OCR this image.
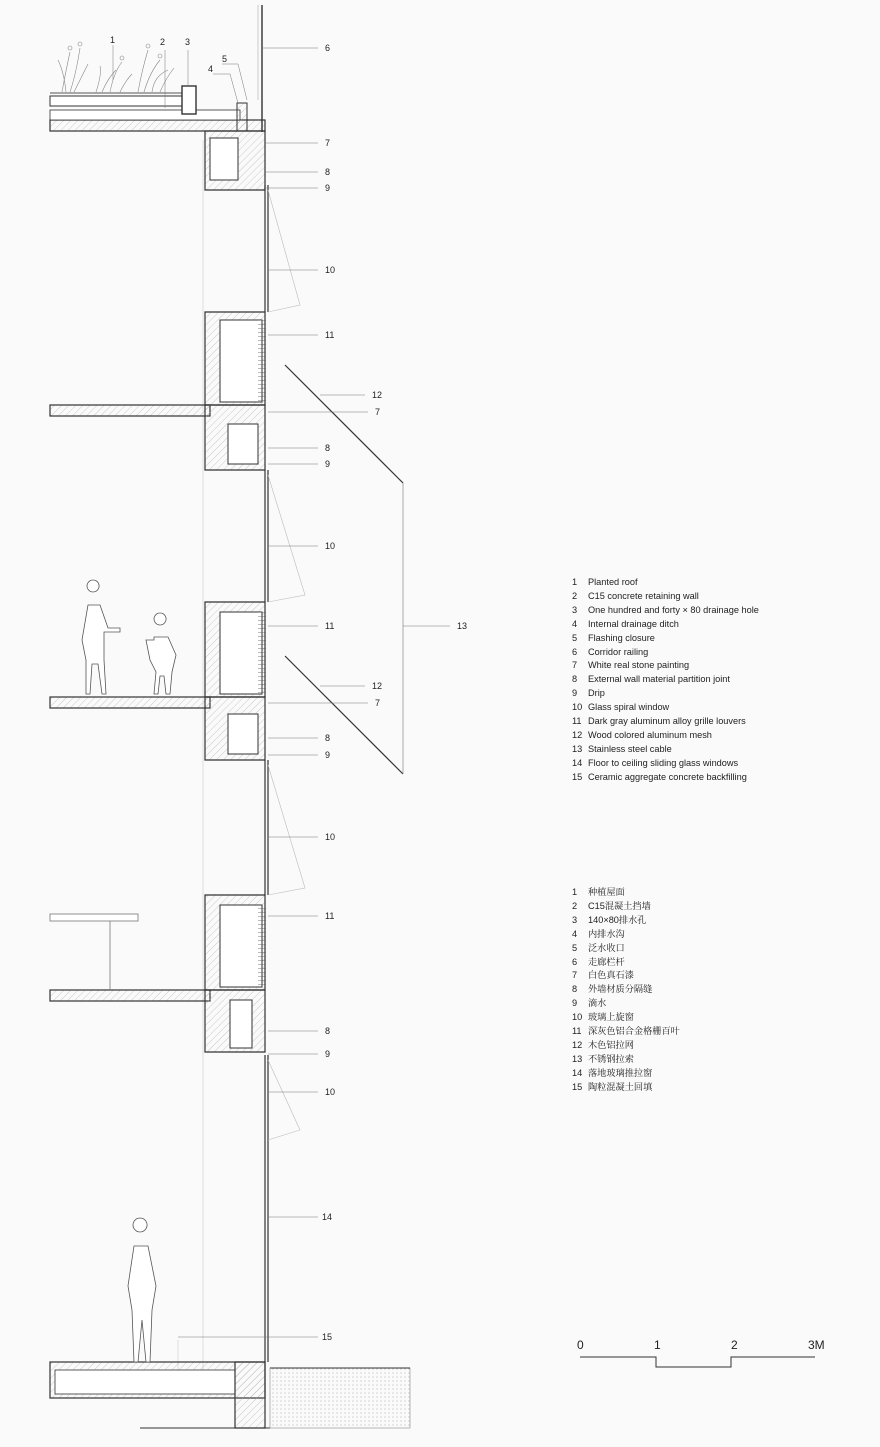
1	2 3
4
5
6
7
8
9
10
11
12
7
8
9
10
11	13
12
7
8
9
10
11
8
9
10
14
15
0	1	2	3M
1	Planted roof
2	C15 concrete retaining wall
3	One hundred and forty × 80 drainage hole
4	Internal drainage ditch
5	Flashing closure
6	Corridor railing
7	White real stone painting
8	External wall material partition joint
9	Drip
10 Glass spiral window
11 Dark gray aluminum alloy grille louvers
12 Wood colored aluminum mesh
13 Stainless steel cable
14 Floor to ceiling sliding glass windows
15 Ceramic aggregate concrete backfilling
1	种植屋面
2	C15混凝土挡墙
3	140×80排水孔
4	内排水沟
5	泛水收口
6	走廊栏杆
7	白色真石漆
8	外墙材质分隔缝
9	滴水
10 玻璃上旋窗
11 深灰色铝合金格栅百叶
12 木色铝拉网
13 不锈钢拉索
14 落地玻璃推拉窗
15 陶粒混凝土回填
